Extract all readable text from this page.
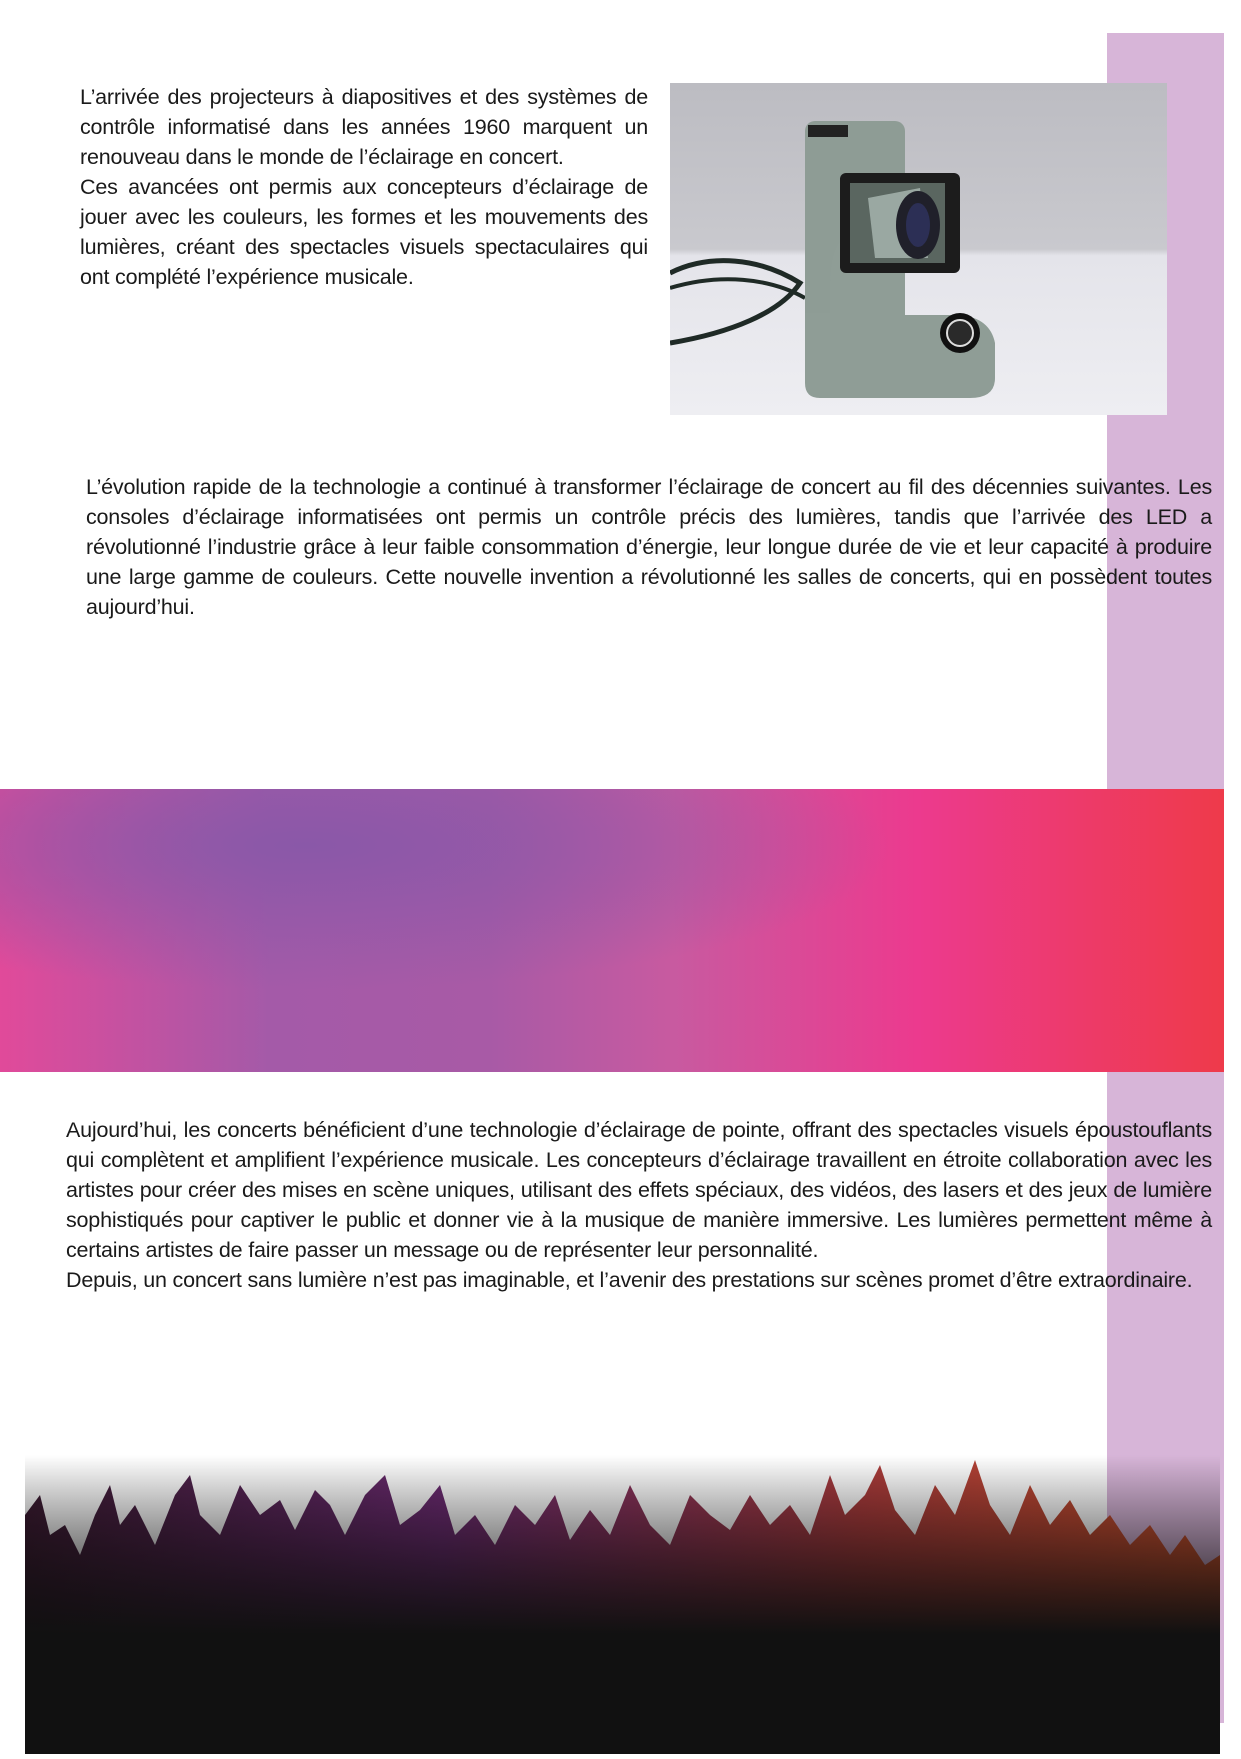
L’arrivée des projecteurs à diapositives et des systèmes de contrôle informatisé dans les années 1960 marquent un renouveau dans le monde de l’éclairage en concert.

Ces avancées ont permis aux concepteurs d’éclairage de jouer avec les couleurs, les formes et les mouvements des lumières, créant des spectacles visuels spectaculaires qui ont complété l’expérience musicale.

L’évolution rapide de la technologie a continué à transformer l’éclairage de concert au fil des décennies suivantes. Les consoles d’éclairage informatisées ont permis un contrôle précis des lumières, tandis que l’arrivée des LED a révolutionné l’industrie grâce à leur faible consommation d’énergie, leur longue durée de vie et leur capacité à produire une large gamme de couleurs. Cette nouvelle invention a révolutionné les salles de concerts, qui en possèdent toutes aujourd’hui.

Aujourd’hui, les concerts bénéficient d’une technologie d’éclairage de pointe, offrant des spectacles visuels époustouflants qui complètent et amplifient l’expérience musicale. Les concepteurs d’éclairage travaillent en étroite collaboration avec les artistes pour créer des mises en scène uniques, utilisant des effets spéciaux, des vidéos, des lasers et des jeux de lumière sophistiqués pour captiver le public et donner vie à la musique de manière immersive. Les lumières permettent même à certains artistes de faire passer un message ou de représenter leur personnalité.

Depuis, un concert sans lumière n’est pas imaginable, et l’avenir des prestations sur scènes promet d’être extraordinaire.
